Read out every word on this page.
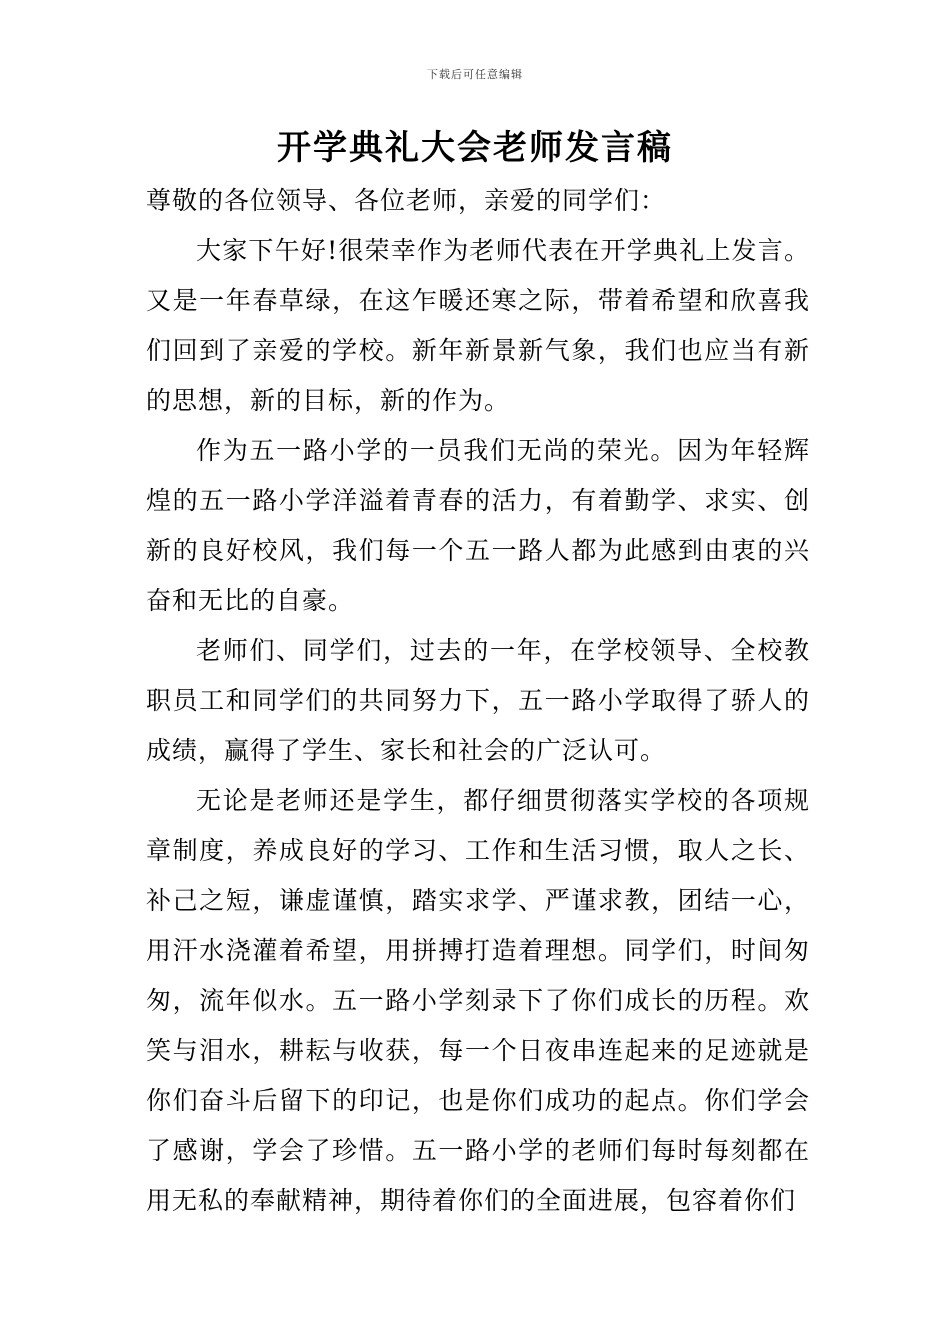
下载后可任意编辑
开学典礼大会老师发言稿

尊敬的各位领导、各位老师，亲爱的同学们：

大家下午好!很荣幸作为老师代表在开学典礼上发言。又是一年春草绿，在这乍暖还寒之际，带着希望和欣喜我们回到了亲爱的学校。新年新景新气象，我们也应当有新的思想，新的目标，新的作为。

作为五一路小学的一员我们无尚的荣光。因为年轻辉煌的五一路小学洋溢着青春的活力，有着勤学、求实、创新的良好校风，我们每一个五一路人都为此感到由衷的兴奋和无比的自豪。

老师们、同学们，过去的一年，在学校领导、全校教职员工和同学们的共同努力下，五一路小学取得了骄人的成绩，赢得了学生、家长和社会的广泛认可。

无论是老师还是学生，都仔细贯彻落实学校的各项规章制度，养成良好的学习、工作和生活习惯，取人之长、补己之短，谦虚谨慎，踏实求学、严谨求教，团结一心，用汗水浇灌着希望，用拼搏打造着理想。同学们，时间匆匆，流年似水。五一路小学刻录下了你们成长的历程。欢笑与泪水，耕耘与收获，每一个日夜串连起来的足迹就是你们奋斗后留下的印记，也是你们成功的起点。你们学会了感谢，学会了珍惜。五一路小学的老师们每时每刻都在用无私的奉献精神，期待着你们的全面进展，包容着你们
